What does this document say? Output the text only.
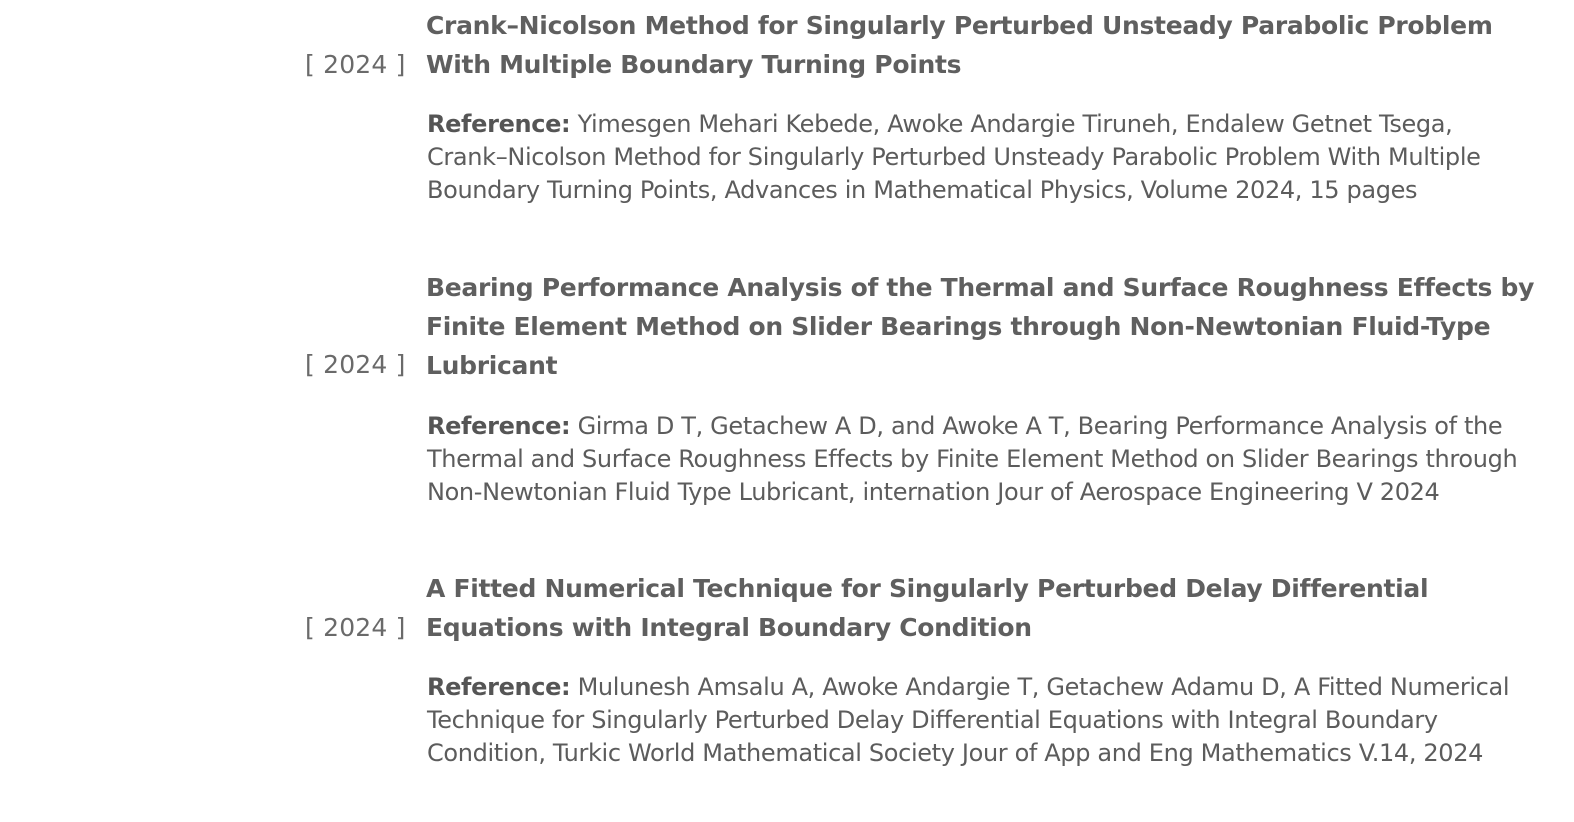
[ 2024 ]
Crank–Nicolson Method for Singularly Perturbed Unsteady Parabolic Problem With Multiple Boundary Turning Points
Reference: Yimesgen Mehari Kebede, Awoke Andargie Tiruneh, Endalew Getnet Tsega, Crank–Nicolson Method for Singularly Perturbed Unsteady Parabolic Problem With Multiple Boundary Turning Points, Advances in Mathematical Physics, Volume 2024, 15 pages
[ 2024 ]
Bearing Performance Analysis of the Thermal and Surface Roughness Effects by Finite Element Method on Slider Bearings through Non-Newtonian Fluid-Type Lubricant
Reference: Girma D T, Getachew A D, and Awoke A T, Bearing Performance Analysis of the Thermal and Surface Roughness Effects by Finite Element Method on Slider Bearings through Non-Newtonian Fluid Type Lubricant, internation Jour of Aerospace Engineering V 2024
[ 2024 ]
A Fitted Numerical Technique for Singularly Perturbed Delay Differential Equations with Integral Boundary Condition
Reference: Mulunesh Amsalu A, Awoke Andargie T, Getachew Adamu D, A Fitted Numerical Technique for Singularly Perturbed Delay Differential Equations with Integral Boundary Condition, Turkic World Mathematical Society Jour of App and Eng Mathematics V.14, 2024
